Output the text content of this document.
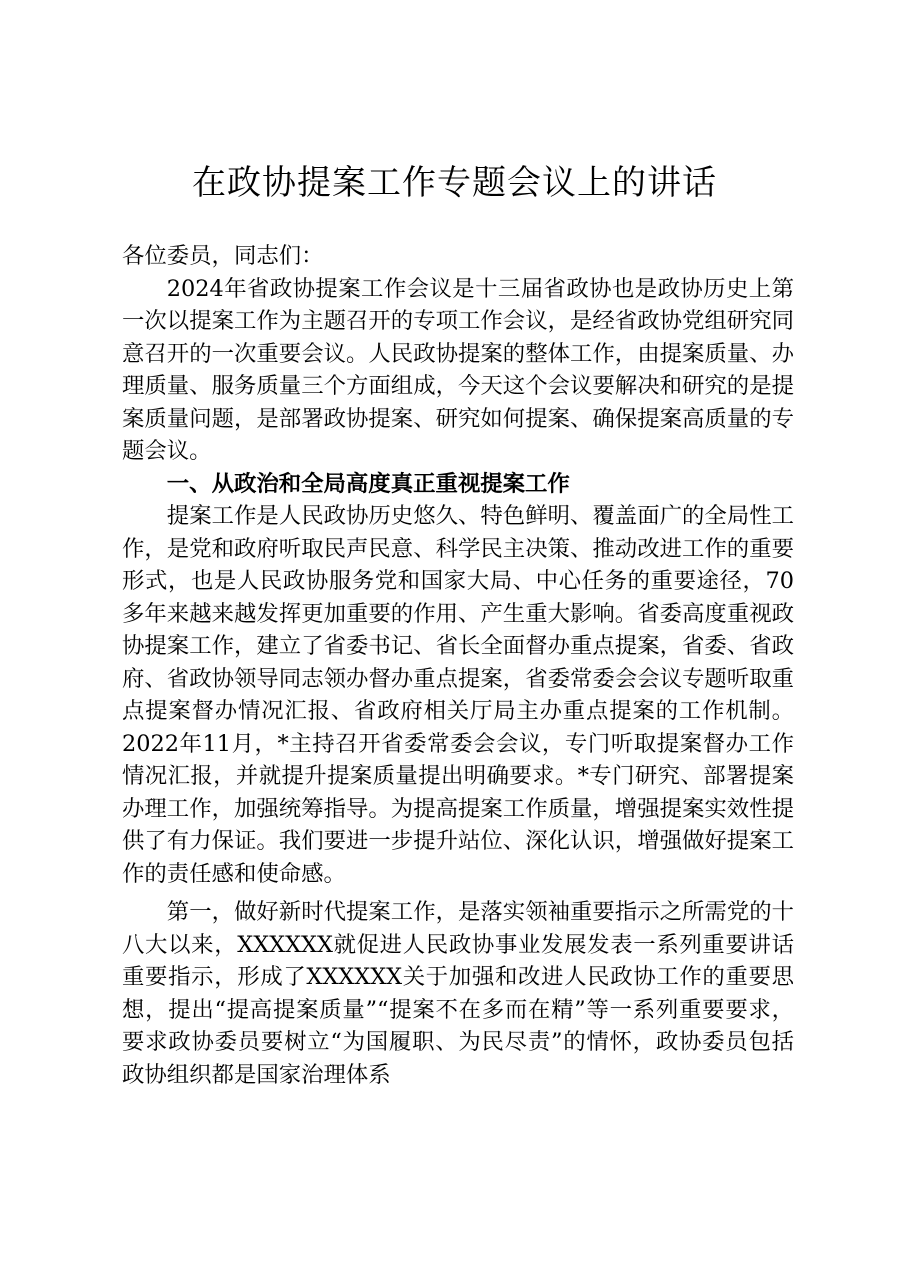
在政协提案工作专题会议上的讲话

各位委员，同志们：

2024年省政协提案工作会议是十三届省政协也是政协历史上第一次以提案工作为主题召开的专项工作会议，是经省政协党组研究同意召开的一次重要会议。人民政协提案的整体工作，由提案质量、办理质量、服务质量三个方面组成，今天这个会议要解决和研究的是提案质量问题，是部署政协提案、研究如何提案、确保提案高质量的专题会议。

一、从政治和全局高度真正重视提案工作

提案工作是人民政协历史悠久、特色鲜明、覆盖面广的全局性工作，是党和政府听取民声民意、科学民主决策、推动改进工作的重要形式，也是人民政协服务党和国家大局、中心任务的重要途径，70多年来越来越发挥更加重要的作用、产生重大影响。省委高度重视政协提案工作，建立了省委书记、省长全面督办重点提案，省委、省政府、省政协领导同志领办督办重点提案，省委常委会会议专题听取重点提案督办情况汇报、省政府相关厅局主办重点提案的工作机制。2022年11月，*主持召开省委常委会会议，专门听取提案督办工作情况汇报，并就提升提案质量提出明确要求。*专门研究、部署提案办理工作，加强统筹指导。为提高提案工作质量，增强提案实效性提供了有力保证。我们要进一步提升站位、深化认识，增强做好提案工作的责任感和使命感。

第一，做好新时代提案工作，是落实领袖重要指示之所需党的十八大以来，XXXXXX就促进人民政协事业发展发表一系列重要讲话重要指示，形成了XXXXXX关于加强和改进人民政协工作的重要思想，提出“提高提案质量”“提案不在多而在精”等一系列重要要求，要求政协委员要树立“为国履职、为民尽责”的情怀，政协委员包括政协组织都是国家治理体系
